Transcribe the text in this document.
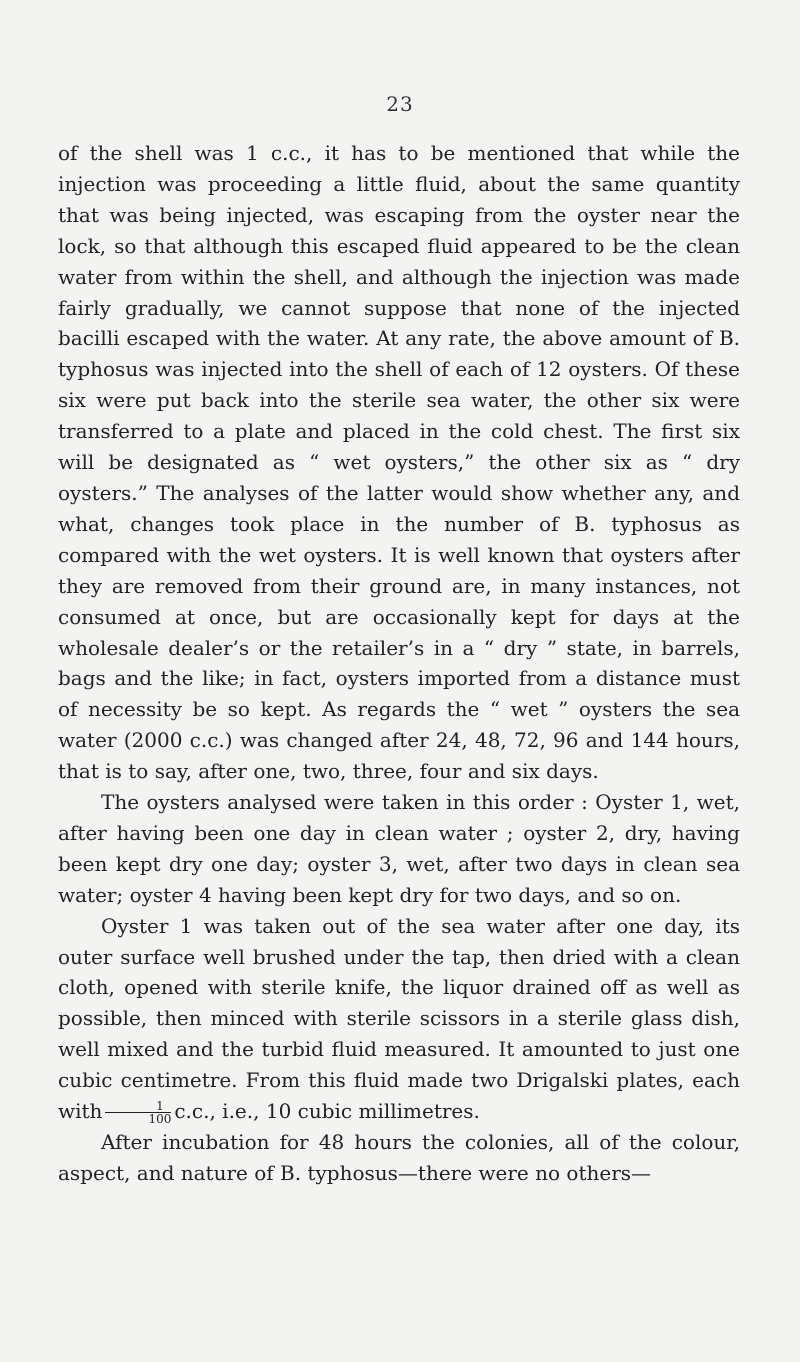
23

of the shell was 1 c.c., it has to be mentioned that while the injection was proceeding a little fluid, about the same quantity that was being injected, was escaping from the oyster near the lock, so that although this escaped fluid appeared to be the clean water from within the shell, and although the injection was made fairly gradually, we cannot suppose that none of the injected bacilli escaped with the water. At any rate, the above amount of B. typhosus was injected into the shell of each of 12 oysters. Of these six were put back into the sterile sea water, the other six were transferred to a plate and placed in the cold chest. The first six will be designated as “ wet oysters,” the other six as “ dry oysters.” The analyses of the latter would show whether any, and what, changes took place in the number of B. typhosus as compared with the wet oysters. It is well known that oysters after they are removed from their ground are, in many instances, not consumed at once, but are occasionally kept for days at the wholesale dealer’s or the retailer’s in a “ dry ” state, in barrels, bags and the like; in fact, oysters imported from a distance must of necessity be so kept. As regards the “ wet ” oysters the sea water (2000 c.c.) was changed after 24, 48, 72, 96 and 144 hours, that is to say, after one, two, three, four and six days.

The oysters analysed were taken in this order : Oyster 1, wet, after having been one day in clean water ; oyster 2, dry, having been kept dry one day; oyster 3, wet, after two days in clean sea water; oyster 4 having been kept dry for two days, and so on.

Oyster 1 was taken out of the sea water after one day, its outer surface well brushed under the tap, then dried with a clean cloth, opened with sterile knife, the liquor drained off as well as possible, then minced with sterile scissors in a sterile glass dish, well mixed and the turbid fluid measured. It amounted to just one cubic centimetre. From this fluid made two Drigalski plates, each with $\frac{1}{100} c.c$., i.e., 10 cubic millimetres.

After incubation for 48 hours the colonies, all of the colour, aspect, and nature of B. typhosus—there were no others—
